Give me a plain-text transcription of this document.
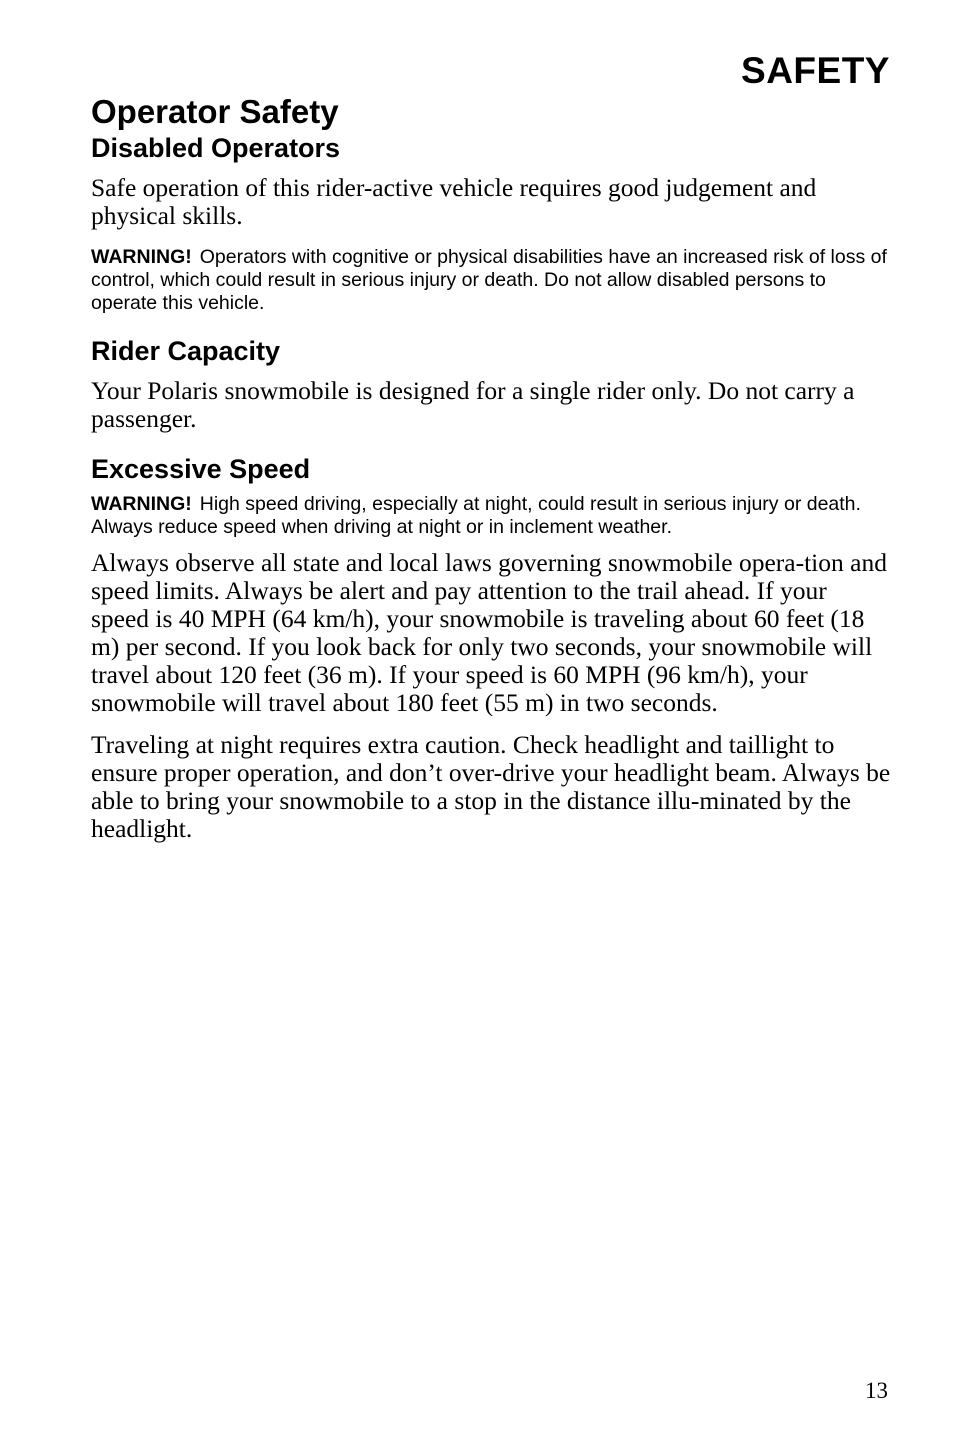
SAFETY
Operator Safety
Disabled Operators

Safe operation of this rider-active vehicle requires good judgement and physical skills.

WARNING! Operators with cognitive or physical disabilities have an increased risk of loss of control, which could result in serious injury or death. Do not allow disabled persons to operate this vehicle.

Rider Capacity

Your Polaris snowmobile is designed for a single rider only. Do not carry a passenger.

Excessive Speed

WARNING! High speed driving, especially at night, could result in serious injury or death. Always reduce speed when driving at night or in inclement weather.

Always observe all state and local laws governing snowmobile opera-tion and speed limits. Always be alert and pay attention to the trail ahead. If your speed is 40 MPH (64 km/h), your snowmobile is traveling about 60 feet (18 m) per second. If you look back for only two seconds, your snowmobile will travel about 120 feet (36 m). If your speed is 60 MPH (96 km/h), your snowmobile will travel about 180 feet (55 m) in two seconds.

Traveling at night requires extra caution. Check headlight and taillight to ensure proper operation, and don’t over-drive your headlight beam. Always be able to bring your snowmobile to a stop in the distance illu-minated by the headlight.

13
